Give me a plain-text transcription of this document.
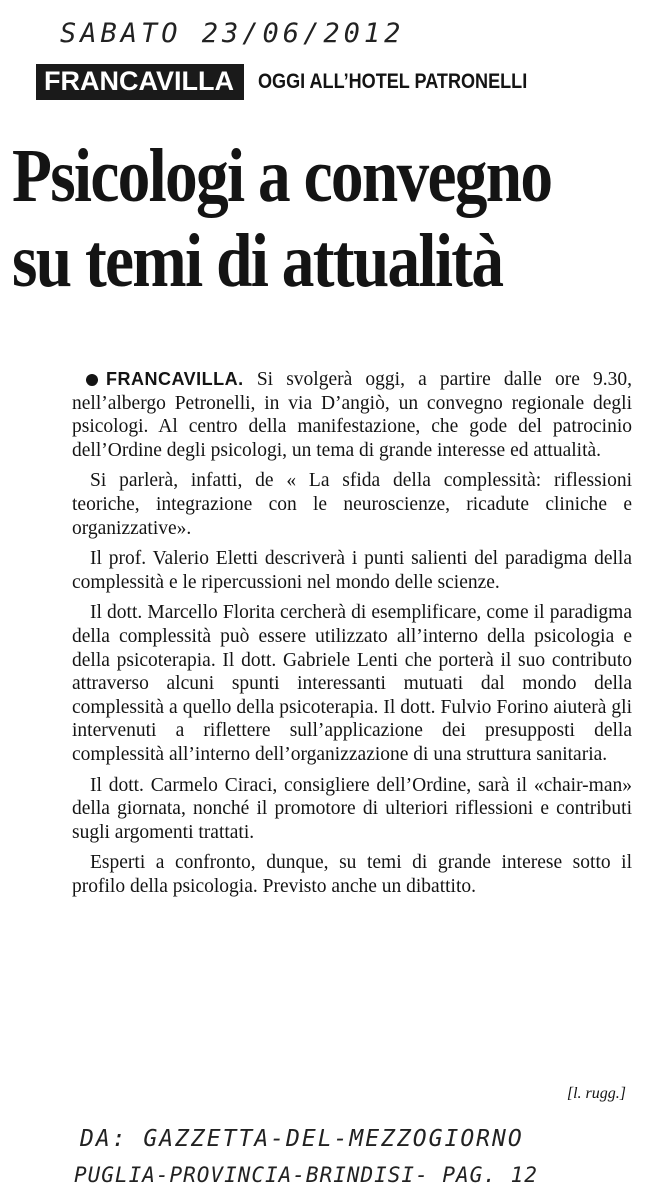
SABATO 23/06/2012
FRANCAVILLA	OGGI ALL’HOTEL PATRONELLI
Psicologi a convegno
su temi di attualità

FRANCAVILLA. Si svolgerà oggi, a partire dalle ore 9.30, nell’albergo Petronelli, in via D’angiò, un convegno regionale degli psicologi. Al centro della manifestazione, che gode del patrocinio dell’Ordine degli psicologi, un tema di grande interesse ed attualità.

Si parlerà, infatti, de « La sfida della complessità: riflessioni teoriche, integrazione con le neuroscienze, ricadute cliniche e organizzative».

Il prof. Valerio Eletti descriverà i punti salienti del paradigma della complessità e le ripercussioni nel mondo delle scienze.

Il dott. Marcello Florita cercherà di esemplificare, come il paradigma della complessità può essere utilizzato all’interno della psicologia e della psicoterapia. Il dott. Gabriele Lenti che porterà il suo contributo attraverso alcuni spunti interessanti mutuati dal mondo della complessità a quello della psicoterapia. Il dott. Fulvio Forino aiuterà gli intervenuti a riflettere sull’applicazione dei presupposti della complessità all’interno dell’organizzazione di una struttura sanitaria.

Il dott. Carmelo Ciraci, consigliere dell’Ordine, sarà il «chair-man» della giornata, nonché il promotore di ulteriori riflessioni e contributi sugli argomenti trattati.

Esperti a confronto, dunque, su temi di grande interese sotto il profilo della psicologia. Previsto anche un dibattito.

[l. rugg.]
DA: GAZZETTA-DEL-MEZZOGIORNO
PUGLIA-PROVINCIA-BRINDISI- PAG. 12
